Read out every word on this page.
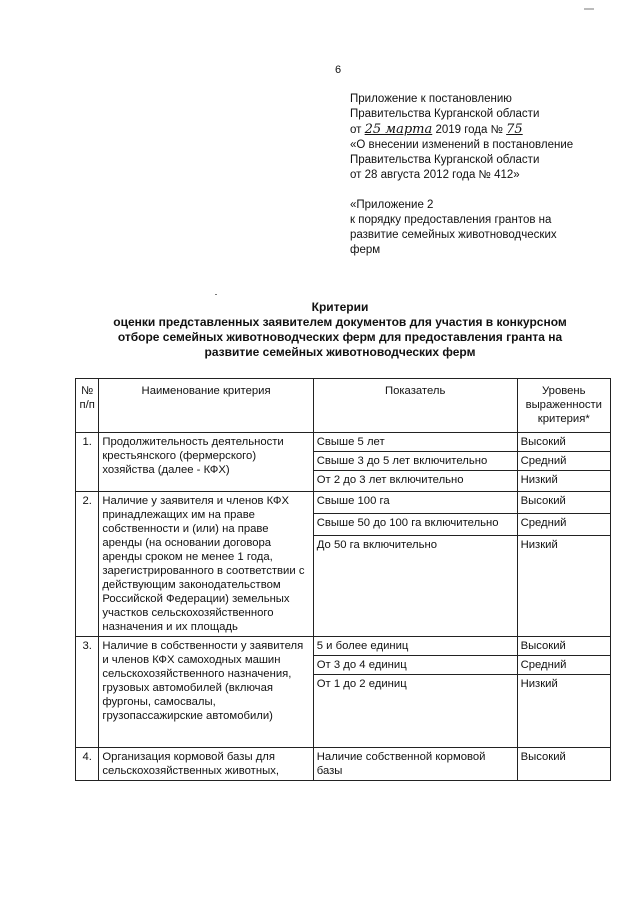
6

Приложение к постановлению

Правительства Курганской области

от 25 марта 2019 года № 75

«О внесении изменений в постановление

Правительства Курганской области

от 28 августа 2012 года № 412»

«Приложение 2

к порядку предоставления грантов на

развитие семейных животноводческих

ферм

Критерии

оценки представленных заявителем документов для участия в конкурсном

отборе семейных животноводческих ферм для предоставления гранта на

развитие семейных животноводческих ферм

№ п/п	Наименование критерия	Показатель	Уровень выраженности критерия*
1.	Продолжительность деятельности крестьянского (фермерского) хозяйства (далее - КФХ)	Свыше 5 лет	Высокий
		Свыше 3 до 5 лет включительно	Средний
		От 2 до 3 лет включительно	Низкий
2.	Наличие у заявителя и членов КФХ принадлежащих им на праве собственности и (или) на праве аренды (на основании договора аренды сроком не менее 1 года, зарегистрированного в соответствии с действующим законодательством Российской Федерации) земельных участков сельскохозяйственного назначения и их площадь	Свыше 100 га	Высокий
		Свыше 50 до 100 га включительно	Средний
		До 50 га включительно	Низкий
3.	Наличие в собственности у заявителя и членов КФХ самоходных машин сельскохозяйственного назначения, грузовых автомобилей (включая фургоны, самосвалы, грузопассажирские автомобили)	5 и более единиц	Высокий
		От 3 до 4 единиц	Средний
		От 1 до 2 единиц	Низкий
4.	Организация кормовой базы для сельскохозяйственных животных,	Наличие собственной кормовой базы	Высокий
